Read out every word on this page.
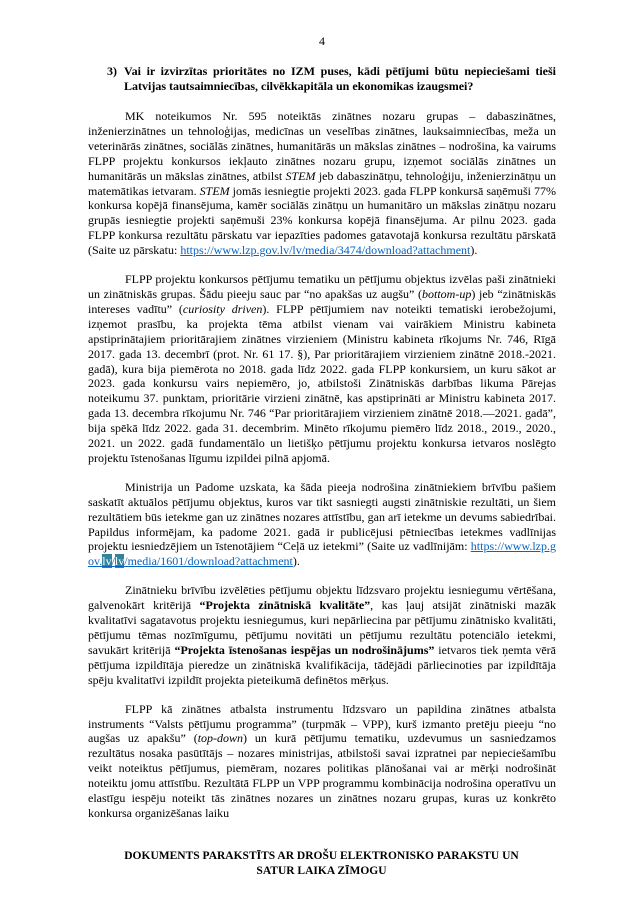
4
3) Vai ir izvirzītas prioritātes no IZM puses, kādi pētījumi būtu nepieciešami tieši Latvijas tautsaimniecības, cilvēkkapitāla un ekonomikas izaugsmei?

MK noteikumos Nr. 595 noteiktās zinātnes nozaru grupas – dabaszinātnes, inženierzinātnes un tehnoloģijas, medicīnas un veselības zinātnes, lauksaimniecības, meža un veterinārās zinātnes, sociālās zinātnes, humanitārās un mākslas zinātnes – nodrošina, ka vairums FLPP projektu konkursos iekļauto zinātnes nozaru grupu, izņemot sociālās zinātnes un humanitārās un mākslas zinātnes, atbilst STEM jeb dabaszinātņu, tehnoloģiju, inženierzinātņu un matemātikas ietvaram. STEM jomās iesniegtie projekti 2023. gada FLPP konkursā saņēmuši 77% konkursa kopējā finansējuma, kamēr sociālās zinātņu un humanitāro un mākslas zinātņu nozaru grupās iesniegtie projekti saņēmuši 23% konkursa kopējā finansējuma. Ar pilnu 2023. gada FLPP konkursa rezultātu pārskatu var iepazīties padomes gatavotajā konkursa rezultātu pārskatā (Saite uz pārskatu: https://www.lzp.gov.lv/lv/media/3474/download?attachment).

FLPP projektu konkursos pētījumu tematiku un pētījumu objektus izvēlas paši zinātnieki un zinātniskās grupas. Šādu pieeju sauc par “no apakšas uz augšu” (bottom-up) jeb “zinātniskās intereses vadītu” (curiosity driven). FLPP pētījumiem nav noteikti tematiski ierobežojumi, izņemot prasību, ka projekta tēma atbilst vienam vai vairākiem Ministru kabineta apstiprinātajiem prioritārajiem zinātnes virzieniem (Ministru kabineta rīkojums Nr. 746, Rīgā 2017. gada 13. decembrī (prot. Nr. 61 17. §), Par prioritārajiem virzieniem zinātnē 2018.-2021. gadā), kura bija piemērota no 2018. gada līdz 2022. gada FLPP konkursiem, un kuru sākot ar 2023. gada konkursu vairs nepiemēro, jo, atbilstoši Zinātniskās darbības likuma Pārejas noteikumu 37. punktam, prioritārie virzieni zinātnē, kas apstiprināti ar Ministru kabineta 2017. gada 13. decembra rīkojumu Nr. 746 “Par prioritārajiem virzieniem zinātnē 2018.—2021. gadā”, bija spēkā līdz 2022. gada 31. decembrim. Minēto rīkojumu piemēro līdz 2018., 2019., 2020., 2021. un 2022. gadā fundamentālo un lietišķo pētījumu projektu konkursa ietvaros noslēgto projektu īstenošanas līgumu izpildei pilnā apjomā.

Ministrija un Padome uzskata, ka šāda pieeja nodrošina zinātniekiem brīvību pašiem saskatīt aktuālos pētījumu objektus, kuros var tikt sasniegti augsti zinātniskie rezultāti, un šiem rezultātiem būs ietekme gan uz zinātnes nozares attīstību, gan arī ietekme un devums sabiedrībai. Papildus informējam, ka padome 2021. gadā ir publicējusi pētniecības ietekmes vadlīnijas projektu iesniedzējiem un īstenotājiem “Ceļā uz ietekmi” (Saite uz vadlīnijām: https://www.lzp.gov.lv/lv/media/1601/download?attachment).

Zinātnieku brīvību izvēlēties pētījumu objektu līdzsvaro projektu iesniegumu vērtēšana, galvenokārt kritērijā “Projekta zinātniskā kvalitāte”, kas ļauj atsijāt zinātniski mazāk kvalitatīvi sagatavotus projektu iesniegumus, kuri nepārliecina par pētījumu zinātnisko kvalitāti, pētījumu tēmas nozīmīgumu, pētījumu novitāti un pētījumu rezultātu potenciālo ietekmi, savukārt kritērijā “Projekta īstenošanas iespējas un nodrošinājums” ietvaros tiek ņemta vērā pētījuma izpildītāja pieredze un zinātniskā kvalifikācija, tādējādi pārliecinoties par izpildītāja spēju kvalitatīvi izpildīt projekta pieteikumā definētos mērķus.

FLPP kā zinātnes atbalsta instrumentu līdzsvaro un papildina zinātnes atbalsta instruments “Valsts pētījumu programma” (turpmāk – VPP), kurš izmanto pretēju pieeju “no augšas uz apakšu” (top-down) un kurā pētījumu tematiku, uzdevumus un sasniedzamos rezultātus nosaka pasūtītājs – nozares ministrijas, atbilstoši savai izpratnei par nepieciešamību veikt noteiktus pētījumus, piemēram, nozares politikas plānošanai vai ar mērķi nodrošināt noteiktu jomu attīstību. Rezultātā FLPP un VPP programmu kombinācija nodrošina operatīvu un elastīgu iespēju noteikt tās zinātnes nozares un zinātnes nozaru grupas, kuras uz konkrēto konkursa organizēšanas laiku

DOKUMENTS PARAKSTĪTS AR DROŠU ELEKTRONISKO PARAKSTU UN
SATUR LAIKA ZĪMOGU
